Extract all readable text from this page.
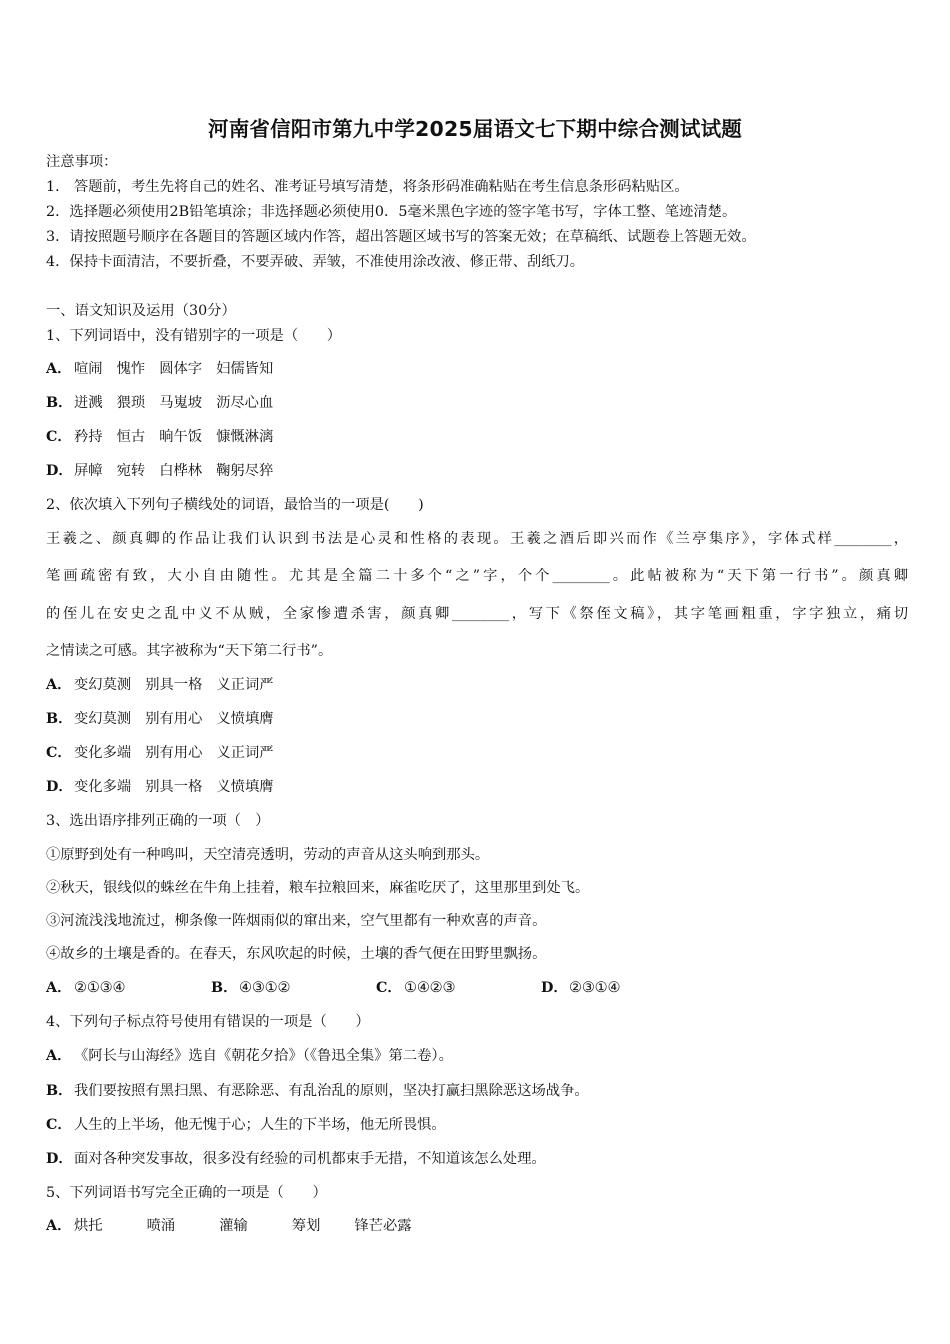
河南省信阳市第九中学2025届语文七下期中综合测试试题
注意事项：
1． 答题前，考生先将自己的姓名、准考证号填写清楚，将条形码准确粘贴在考生信息条形码粘贴区。
2．选择题必须使用2B铅笔填涂；非选择题必须使用0．5毫米黑色字迹的签字笔书写，字体工整、笔迹清楚。
3．请按照题号顺序在各题目的答题区域内作答，超出答题区域书写的答案无效；在草稿纸、试题卷上答题无效。
4．保持卡面清洁，不要折叠，不要弄破、弄皱，不准使用涂改液、修正带、刮纸刀。
一、语文知识及运用（30分）
1、下列词语中，没有错别字的一项是（　　）
A． 喧闹 愧怍 圆体字 妇儒皆知
B． 迸溅 猥琐 马嵬坡 沥尽心血
C． 矜持 恒古 晌午饭 慷慨淋漓
D．屏幛 宛转 白桦林 鞠躬尽猝
2、依次填入下列句子横线处的词语，最恰当的一项是(　　)
王羲之、颜真卿的作品让我们认识到书法是心灵和性格的表现。王羲之酒后即兴而作《兰亭集序》，字体式样________，
笔画疏密有致，大小自由随性。尤其是全篇二十多个“之”字，个个________。此帖被称为“天下第一行书”。颜真卿
的侄儿在安史之乱中义不从贼，全家惨遭杀害，颜真卿________，写下《祭侄文稿》，其字笔画粗重，字字独立，痛切
之情读之可感。其字被称为“天下第二行书”。
A． 变幻莫测 别具一格 义正词严
B． 变幻莫测 别有用心 义愤填膺
C． 变化多端 别有用心 义正词严
D．变化多端 别具一格 义愤填膺
3、选出语序排列正确的一项（　）
①原野到处有一种鸣叫，天空清亮透明，劳动的声音从这头响到那头。
②秋天，银线似的蛛丝在牛角上挂着，粮车拉粮回来，麻雀吃厌了，这里那里到处飞。
③河流浅浅地流过，柳条像一阵烟雨似的窜出来，空气里都有一种欢喜的声音。
④故乡的土壤是香的。在春天，东风吹起的时候，土壤的香气便在田野里飘扬。
A． ②①③④	B． ④③①②	C． ①④②③	D．②③①④
4、下列句子标点符号使用有错误的一项是（　　）
A． 《阿长与山海经》选自《朝花夕拾》（《鲁迅全集》第二卷）。
B． 我们要按照有黑扫黑、有恶除恶、有乱治乱的原则，坚决打赢扫黑除恶这场战争。
C． 人生的上半场，他无愧于心；人生的下半场，他无所畏惧。
D．面对各种突发事故，很多没有经验的司机都束手无措，不知道该怎么处理。
5、下列词语书写完全正确的一项是（　　）
A． 烘托	喷涌	灌输	筹划 锋芒必露
